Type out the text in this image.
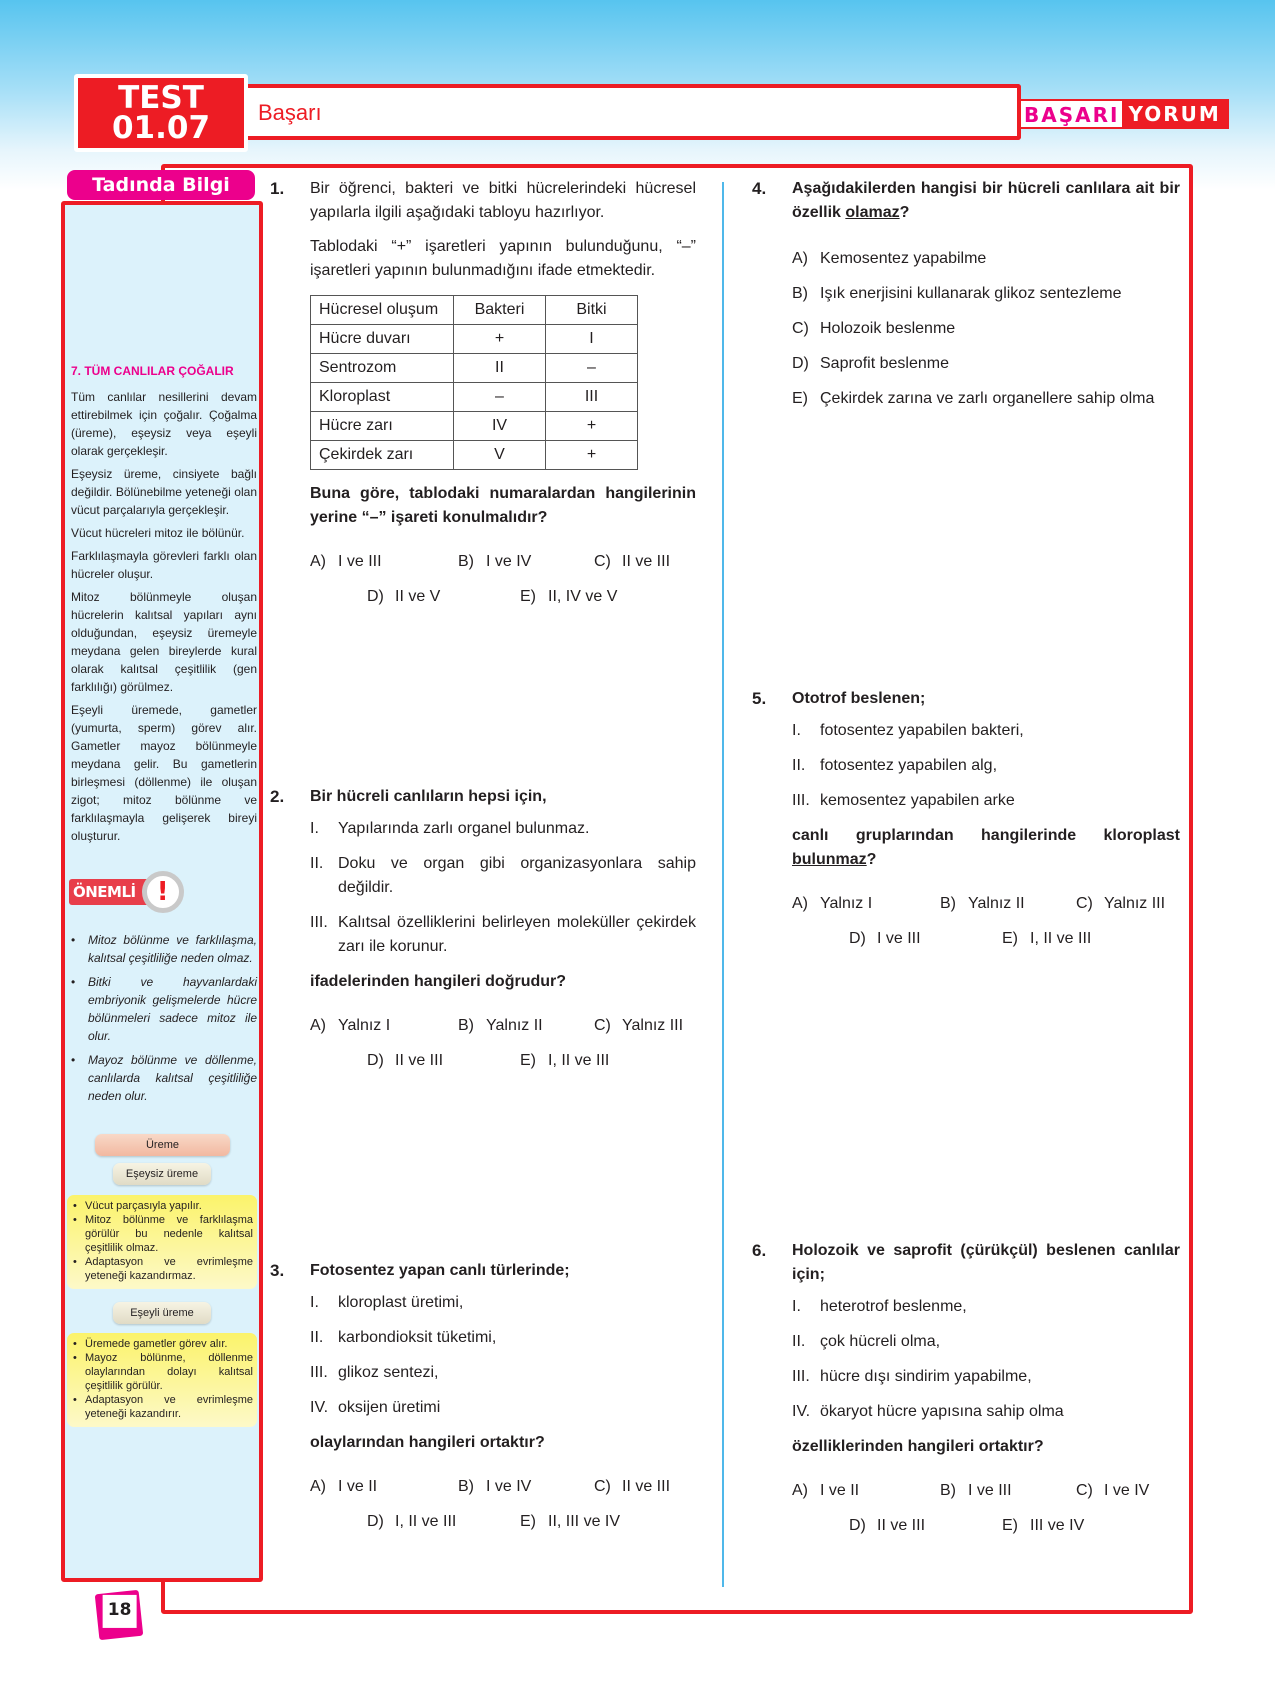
TEST
01.07	Başarı	BAŞARI YORUM
Tadında Bilgi
7. TÜM CANLILAR ÇOĞALIR

Tüm canlılar nesillerini devam ettirebilmek için çoğalır. Çoğalma (üreme), eşeysiz veya eşeyli olarak gerçekleşir.

Eşeysiz üreme, cinsiyete bağlı değildir. Bölünebilme yeteneği olan vücut parçalarıyla gerçekleşir.

Vücut hücreleri mitoz ile bölünür.

Farklılaşmayla görevleri farklı olan hücreler oluşur.

Mitoz bölünmeyle oluşan hücrelerin kalıtsal yapıları aynı olduğundan, eşeysiz üremeyle meydana gelen bireylerde kural olarak kalıtsal çeşitlilik (gen farklılığı) görülmez.

Eşeyli üremede, gametler (yumurta, sperm) görev alır. Gametler mayoz bölünmeyle meydana gelir. Bu gametlerin birleşmesi (döllenme) ile oluşan zigot; mitoz bölünme ve farklılaşmayla gelişerek bireyi oluşturur.

ÖNEMLİ !
• Mitoz bölünme ve farklılaşma, kalıtsal çeşitliliğe neden olmaz.
• Bitki ve hayvanlardaki embriyonik gelişmelerde hücre bölünmeleri sadece mitoz ile olur.
• Mayoz bölünme ve döllenme, canlılarda kalıtsal çeşitliliğe neden olur.
Üreme
Eşeysiz üreme
• Vücut parçasıyla yapılır.
• Mitoz bölünme ve farklılaşma görülür bu nedenle kalıtsal çeşitlilik olmaz.
• Adaptasyon ve evrimleşme yeteneği kazandırmaz.
Eşeyli üreme
• Üremede gametler görev alır.
• Mayoz bölünme, döllenme olaylarından dolayı kalıtsal çeşitlilik görülür.
• Adaptasyon ve evrimleşme yeteneği kazandırır.
18
1. Bir öğrenci, bakteri ve bitki hücrelerindeki hücresel yapılarla ilgili aşağıdaki tabloyu hazırlıyor.

Tablodaki “+” işaretleri yapının bulunduğunu, “–” işaretleri yapının bulunmadığını ifade etmektedir.

Hücresel oluşum	Bakteri	Bitki
Hücre duvarı	+	I
Sentrozom	II	–
Kloroplast	–	III
Hücre zarı	IV	+
Çekirdek zarı	V	+

Buna göre, tablodaki numaralardan hangilerinin yerine “–” işareti konulmalıdır?

A) I ve III	B) I ve IV	C) II ve III
D) II ve V	E) II, IV ve V
2. Bir hücreli canlıların hepsi için,

I.	Yapılarında zarlı organel bulunmaz.
II. Doku ve organ gibi organizasyonlara sahip değildir.
III. Kalıtsal özelliklerini belirleyen moleküller çekirdek zarı ile korunur.

ifadelerinden hangileri doğrudur?

A) Yalnız I	B) Yalnız II	C) Yalnız III
D) II ve III	E) I, II ve III
3. Fotosentez yapan canlı türlerinde;

I.	kloroplast üretimi,
II. karbondioksit tüketimi,
III. glikoz sentezi,
IV. oksijen üretimi

olaylarından hangileri ortaktır?

A) I ve II	B) I ve IV	C) II ve III
D) I, II ve III	E) II, III ve IV
4. Aşağıdakilerden hangisi bir hücreli canlılara ait bir özellik olamaz?

A) Kemosentez yapabilme
B) Işık enerjisini kullanarak glikoz sentezleme
C) Holozoik beslenme
D) Saprofit beslenme
E) Çekirdek zarına ve zarlı organellere sahip olma
5. Ototrof beslenen;

I.	fotosentez yapabilen bakteri,
II. fotosentez yapabilen alg,
III. kemosentez yapabilen arke

canlı gruplarından hangilerinde kloroplast bulunmaz?

A) Yalnız I	B) Yalnız II	C) Yalnız III
D) I ve III	E) I, II ve III
6. Holozoik ve saprofit (çürükçül) beslenen canlılar için;

I.	heterotrof beslenme,
II. çok hücreli olma,
III. hücre dışı sindirim yapabilme,
IV. ökaryot hücre yapısına sahip olma

özelliklerinden hangileri ortaktır?

A) I ve II	B) I ve III	C) I ve IV
D) II ve III	E) III ve IV
